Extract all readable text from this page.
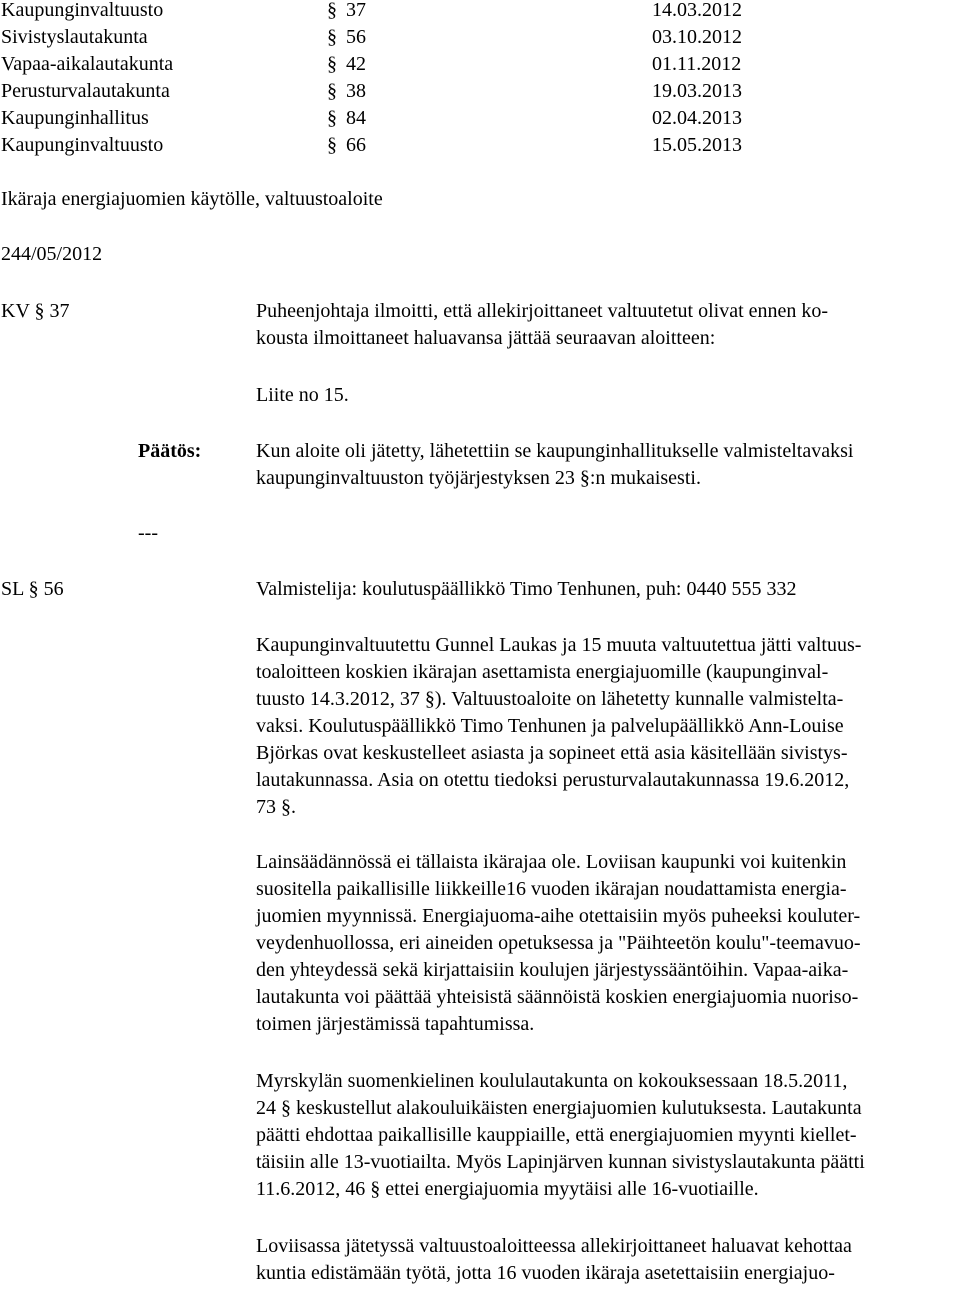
Kaupunginvaltuusto	§ 37	14.03.2012
Sivistyslautakunta	§ 56	03.10.2012
Vapaa-aikalautakunta	§ 42	01.11.2012
Perusturvalautakunta	§ 38	19.03.2013
Kaupunginhallitus	§ 84	02.04.2013
Kaupunginvaltuusto	§ 66	15.05.2013
Ikäraja energiajuomien käytölle, valtuustoaloite
244/05/2012
KV § 37	Puheenjohtaja ilmoitti, että allekirjoittaneet valtuutetut olivat ennen ko-
kousta ilmoittaneet haluavansa jättää seuraavan aloitteen:
Liite no 15.
Päätös:	Kun aloite oli jätetty, lähetettiin se kaupunginhallitukselle valmisteltavaksi
kaupunginvaltuuston työjärjestyksen 23 §:n mukaisesti.
---
SL § 56	Valmistelija: koulutuspäällikkö Timo Tenhunen, puh: 0440 555 332
Kaupunginvaltuutettu Gunnel Laukas ja 15 muuta valtuutettua jätti valtuus-
toaloitteen koskien ikärajan asettamista energiajuomille (kaupunginval-
tuusto 14.3.2012, 37 §). Valtuustoaloite on lähetetty kunnalle valmistelta-
vaksi. Koulutuspäällikkö Timo Tenhunen ja palvelupäällikkö Ann-Louise
Björkas ovat keskustelleet asiasta ja sopineet että asia käsitellään sivistys-
lautakunnassa. Asia on otettu tiedoksi perusturvalautakunnassa 19.6.2012,
73 §.
Lainsäädännössä ei tällaista ikärajaa ole. Loviisan kaupunki voi kuitenkin
suositella paikallisille liikkeille16 vuoden ikärajan noudattamista energia-
juomien myynnissä. Energiajuoma-aihe otettaisiin myös puheeksi kouluter-
veydenhuollossa, eri aineiden opetuksessa ja "Päihteetön koulu"-teemavuo-
den yhteydessä sekä kirjattaisiin koulujen järjestyssääntöihin. Vapaa-aika-
lautakunta voi päättää yhteisistä säännöistä koskien energiajuomia nuoriso-
toimen järjestämissä tapahtumissa.
Myrskylän suomenkielinen koululautakunta on kokouksessaan 18.5.2011,
24 § keskustellut alakouluikäisten energiajuomien kulutuksesta. Lautakunta
päätti ehdottaa paikallisille kauppiaille, että energiajuomien myynti kiellet-
täisiin alle 13-vuotiailta. Myös Lapinjärven kunnan sivistyslautakunta päätti
11.6.2012, 46 § ettei energiajuomia myytäisi alle 16-vuotiaille.
Loviisassa jätetyssä valtuustoaloitteessa allekirjoittaneet haluavat kehottaa
kuntia edistämään työtä, jotta 16 vuoden ikäraja asetettaisiin energiajuo-
